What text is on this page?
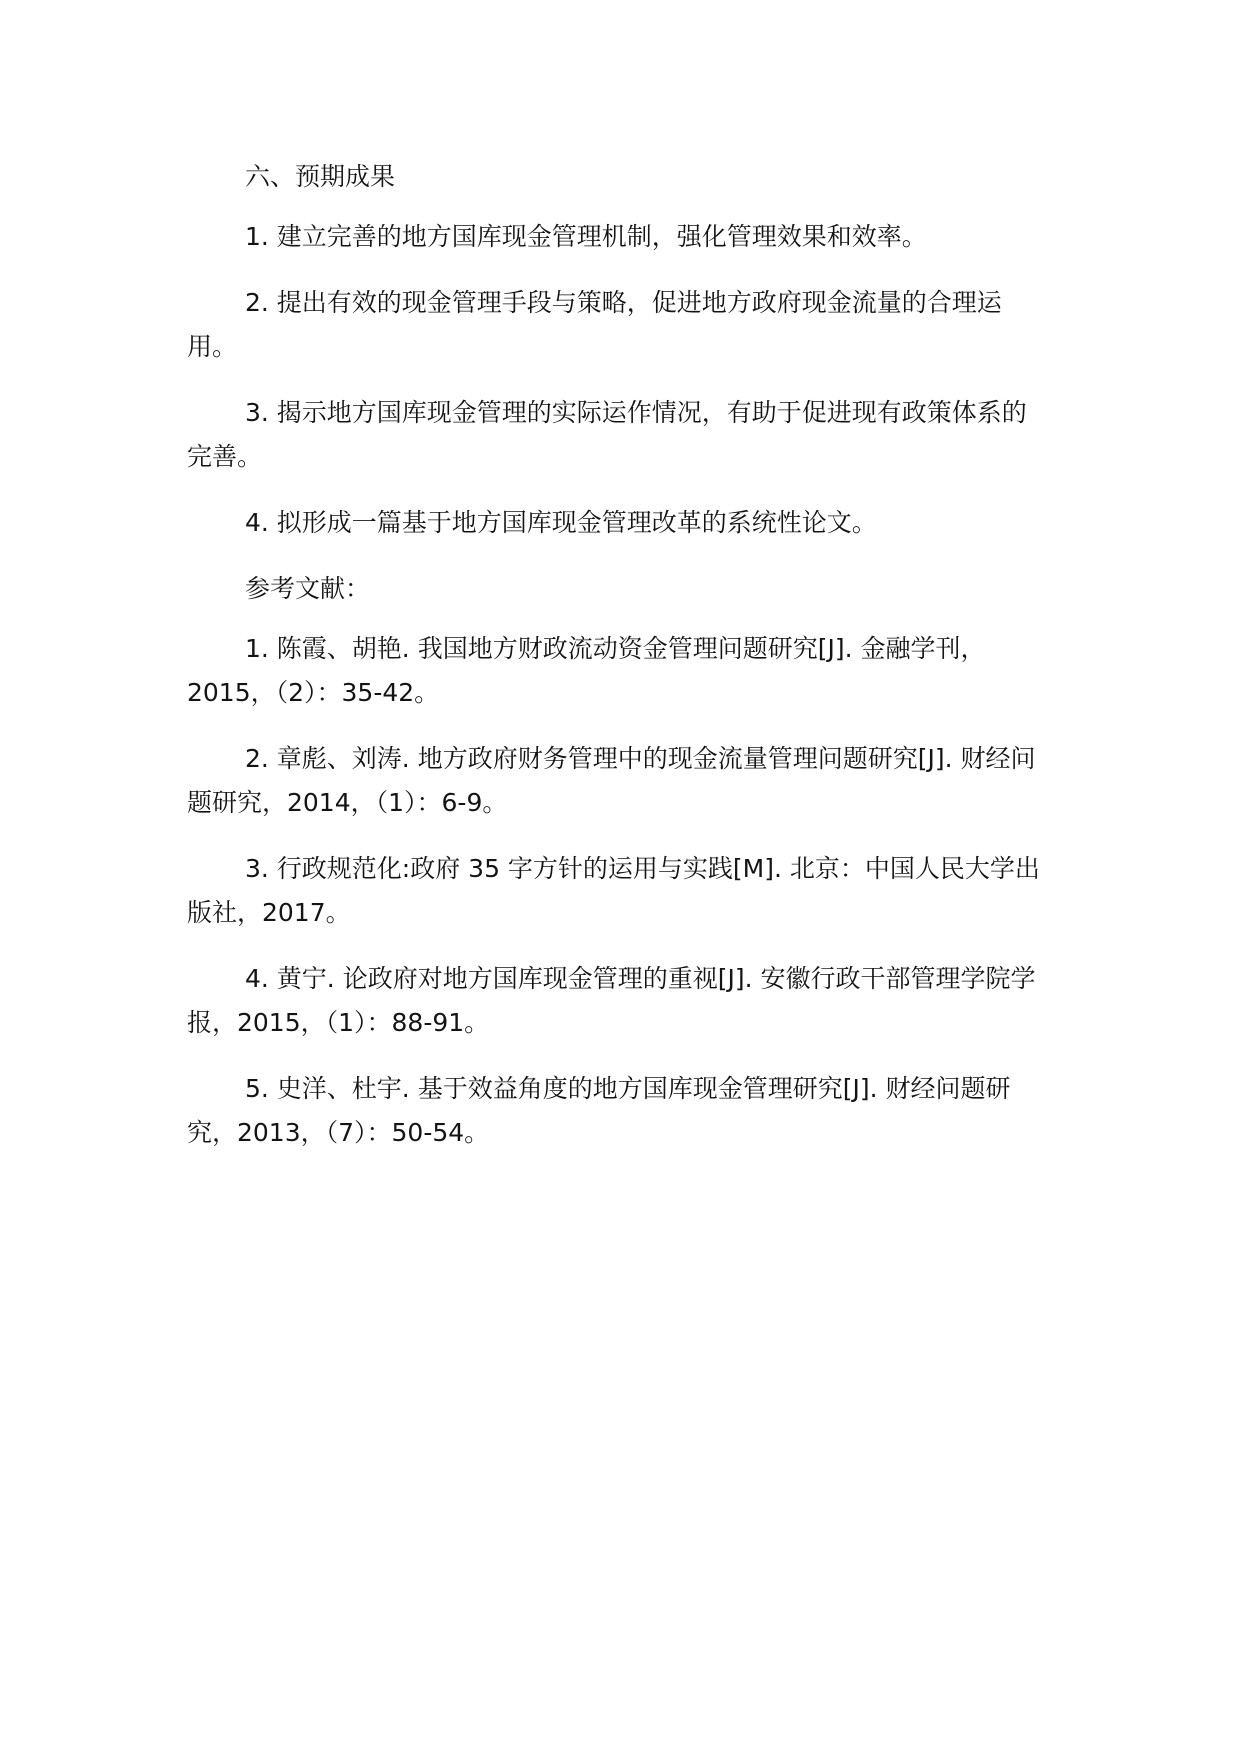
六、预期成果

1. 建立完善的地方国库现金管理机制，强化管理效果和效率。

2. 提出有效的现金管理手段与策略，促进地方政府现金流量的合理运用。

3. 揭示地方国库现金管理的实际运作情况，有助于促进现有政策体系的完善。

4. 拟形成一篇基于地方国库现金管理改革的系统性论文。

参考文献：

1. 陈霞、胡艳. 我国地方财政流动资金管理问题研究[J]. 金融学刊，2015，（2）：35-42。

2. 章彪、刘涛. 地方政府财务管理中的现金流量管理问题研究[J]. 财经问题研究，2014，（1）：6-9。

3. 行政规范化:政府 35 字方针的运用与实践[M]. 北京：中国人民大学出版社，2017。

4. 黄宁. 论政府对地方国库现金管理的重视[J]. 安徽行政干部管理学院学报，2015，（1）：88-91。

5. 史洋、杜宇. 基于效益角度的地方国库现金管理研究[J]. 财经问题研究，2013，（7）：50-54。
